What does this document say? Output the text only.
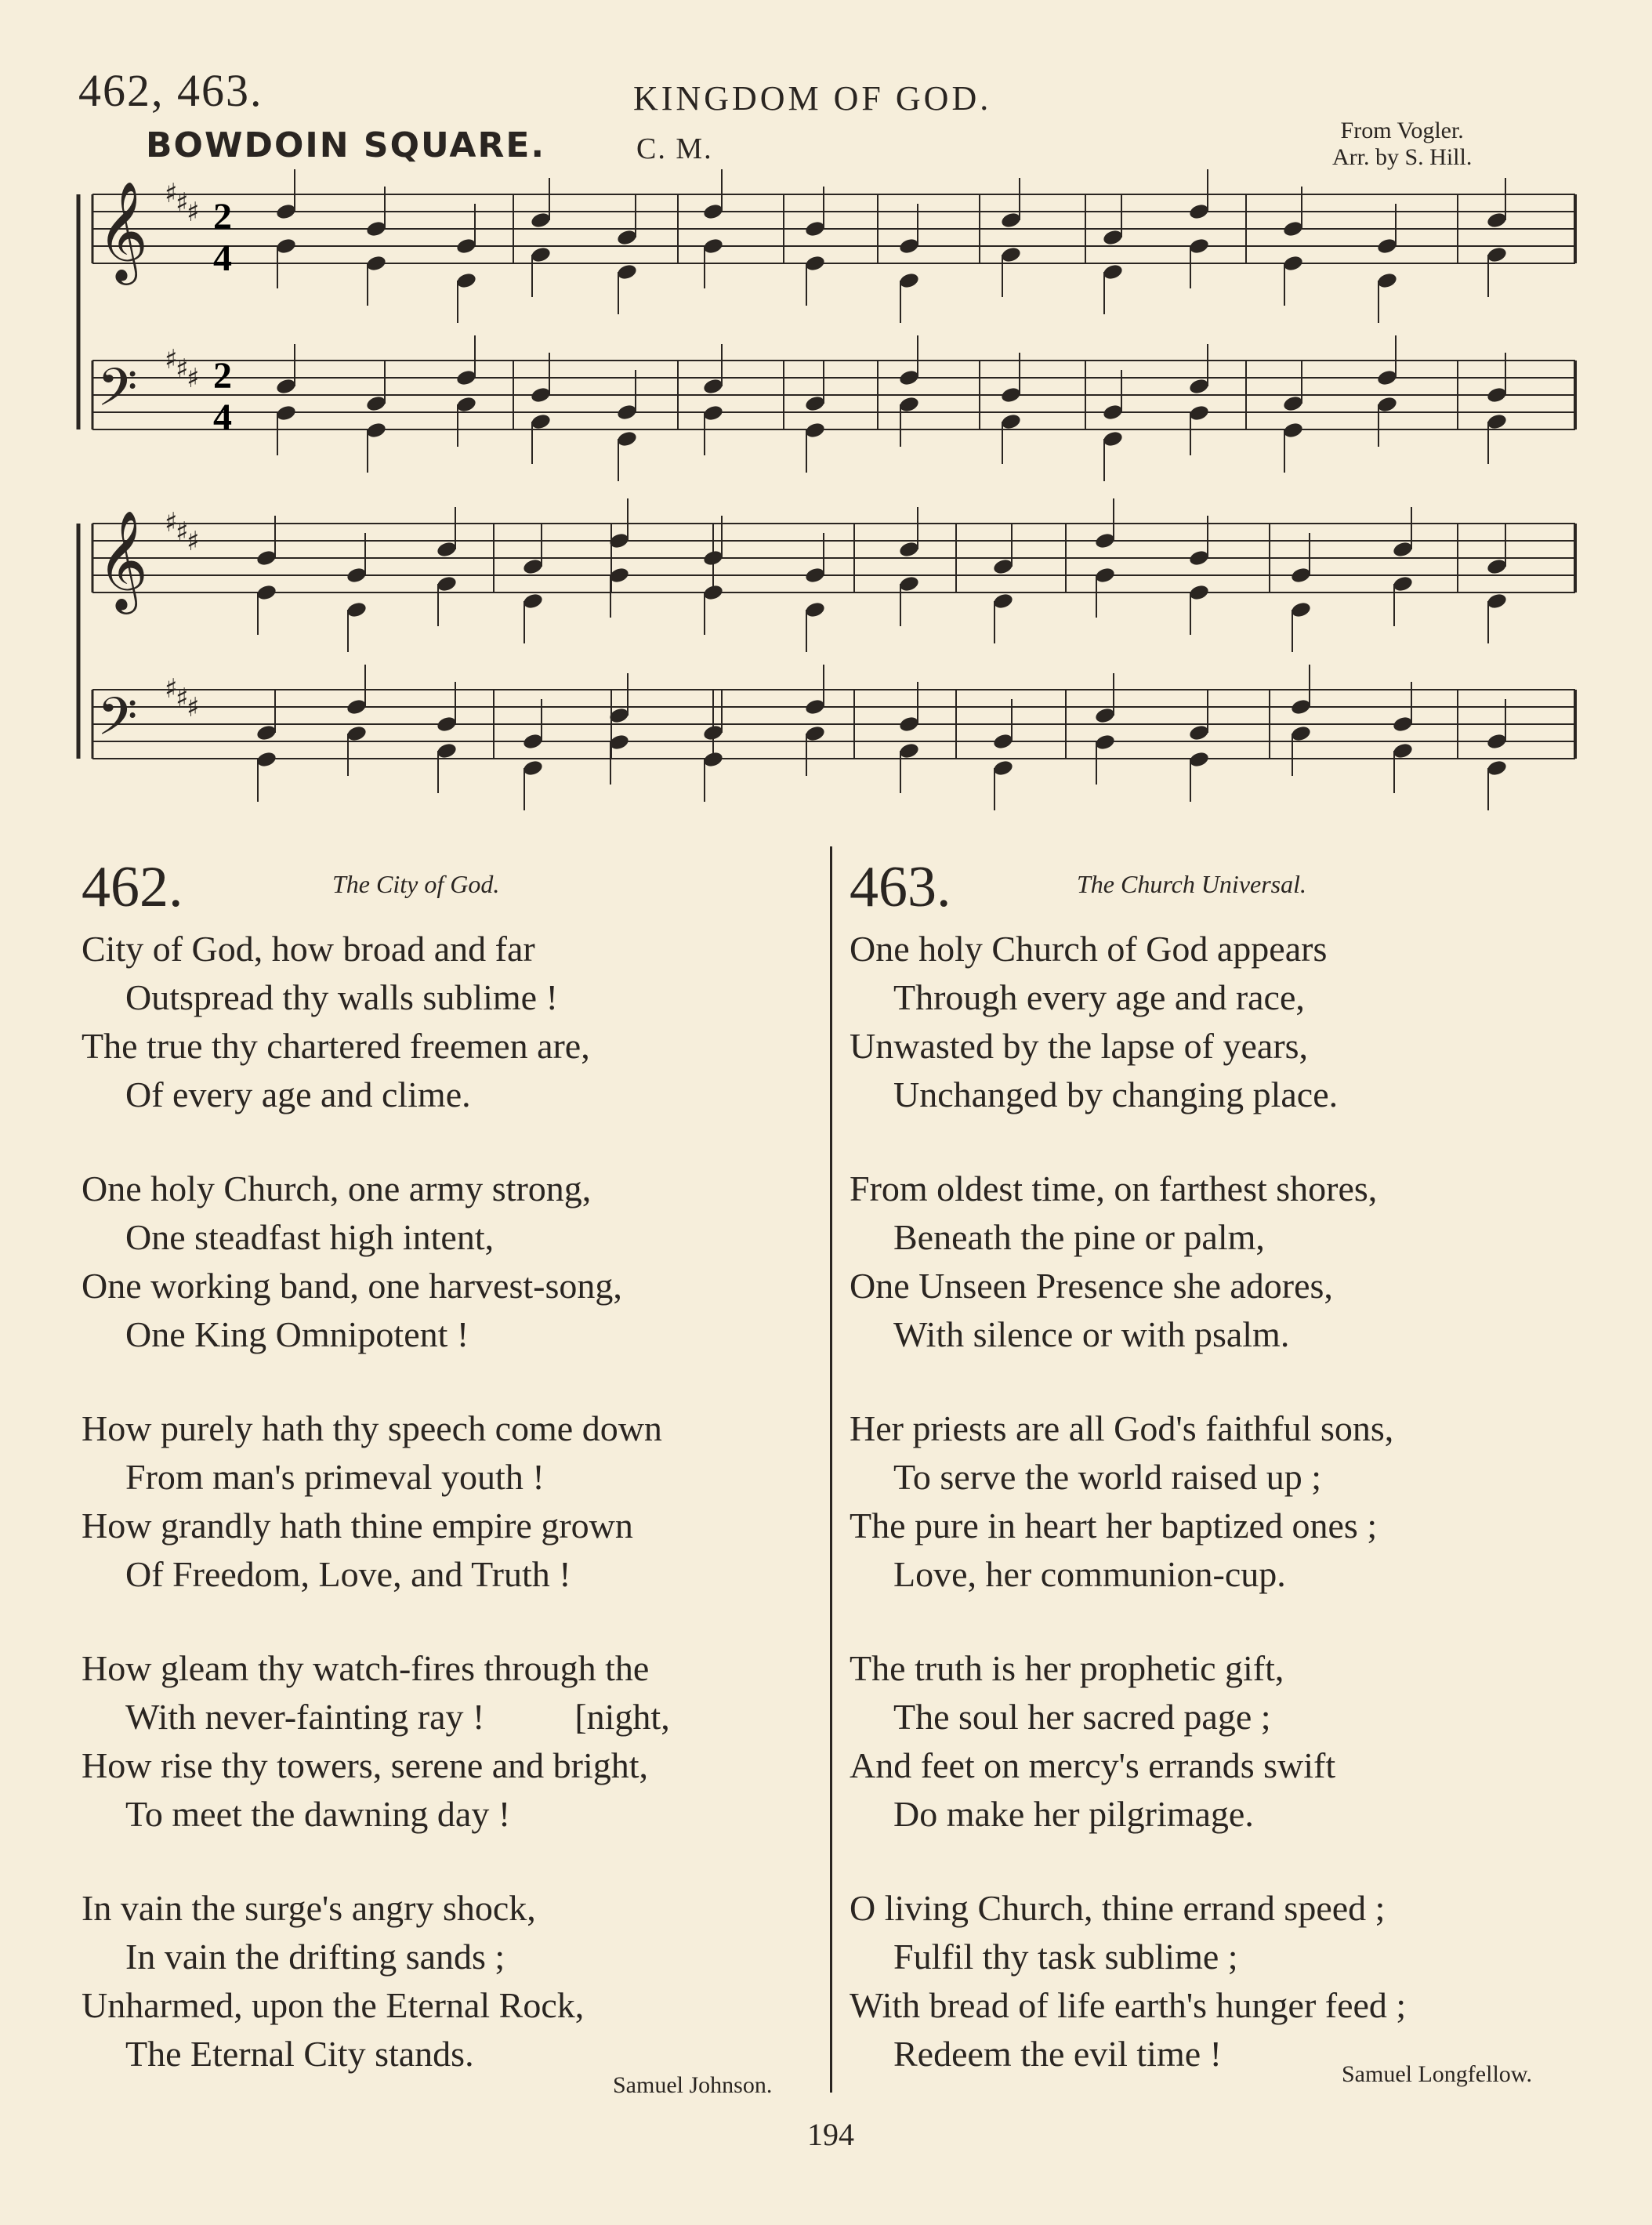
462, 463.	KINGDOM OF GOD.
BOWDOIN SQUARE.	C. M.
From Vogler.
Arr. by S. Hill.
𝄞 ♯
♯
♯
𝄢 ♯
♯
♯
𝄞 ♯
♯
♯
𝄢 ♯
♯
♯
2
4
2
4
462.	The City of God.
City of God, how broad and far
Outspread thy walls sublime !
The true thy chartered freemen are,
Of every age and clime.
One holy Church, one army strong,
One steadfast high intent,
One working band, one harvest-song,
One King Omnipotent !
How purely hath thy speech come down
From man's primeval youth !
How grandly hath thine empire grown
Of Freedom, Love, and Truth !
How gleam thy watch-fires through the
With never-fainting ray !          [night,
How rise thy towers, serene and bright,
To meet the dawning day !
In vain the surge's angry shock,
In vain the drifting sands ;
Unharmed, upon the Eternal Rock,
The Eternal City stands.
Samuel Johnson.
463.	The Church Universal.
One holy Church of God appears
Through every age and race,
Unwasted by the lapse of years,
Unchanged by changing place.
From oldest time, on farthest shores,
Beneath the pine or palm,
One Unseen Presence she adores,
With silence or with psalm.
Her priests are all God's faithful sons,
To serve the world raised up ;
The pure in heart her baptized ones ;
Love, her communion-cup.
The truth is her prophetic gift,
The soul her sacred page ;
And feet on mercy's errands swift
Do make her pilgrimage.
O living Church, thine errand speed ;
Fulfil thy task sublime ;
With bread of life earth's hunger feed ;
Redeem the evil time !
Samuel Longfellow.
194
